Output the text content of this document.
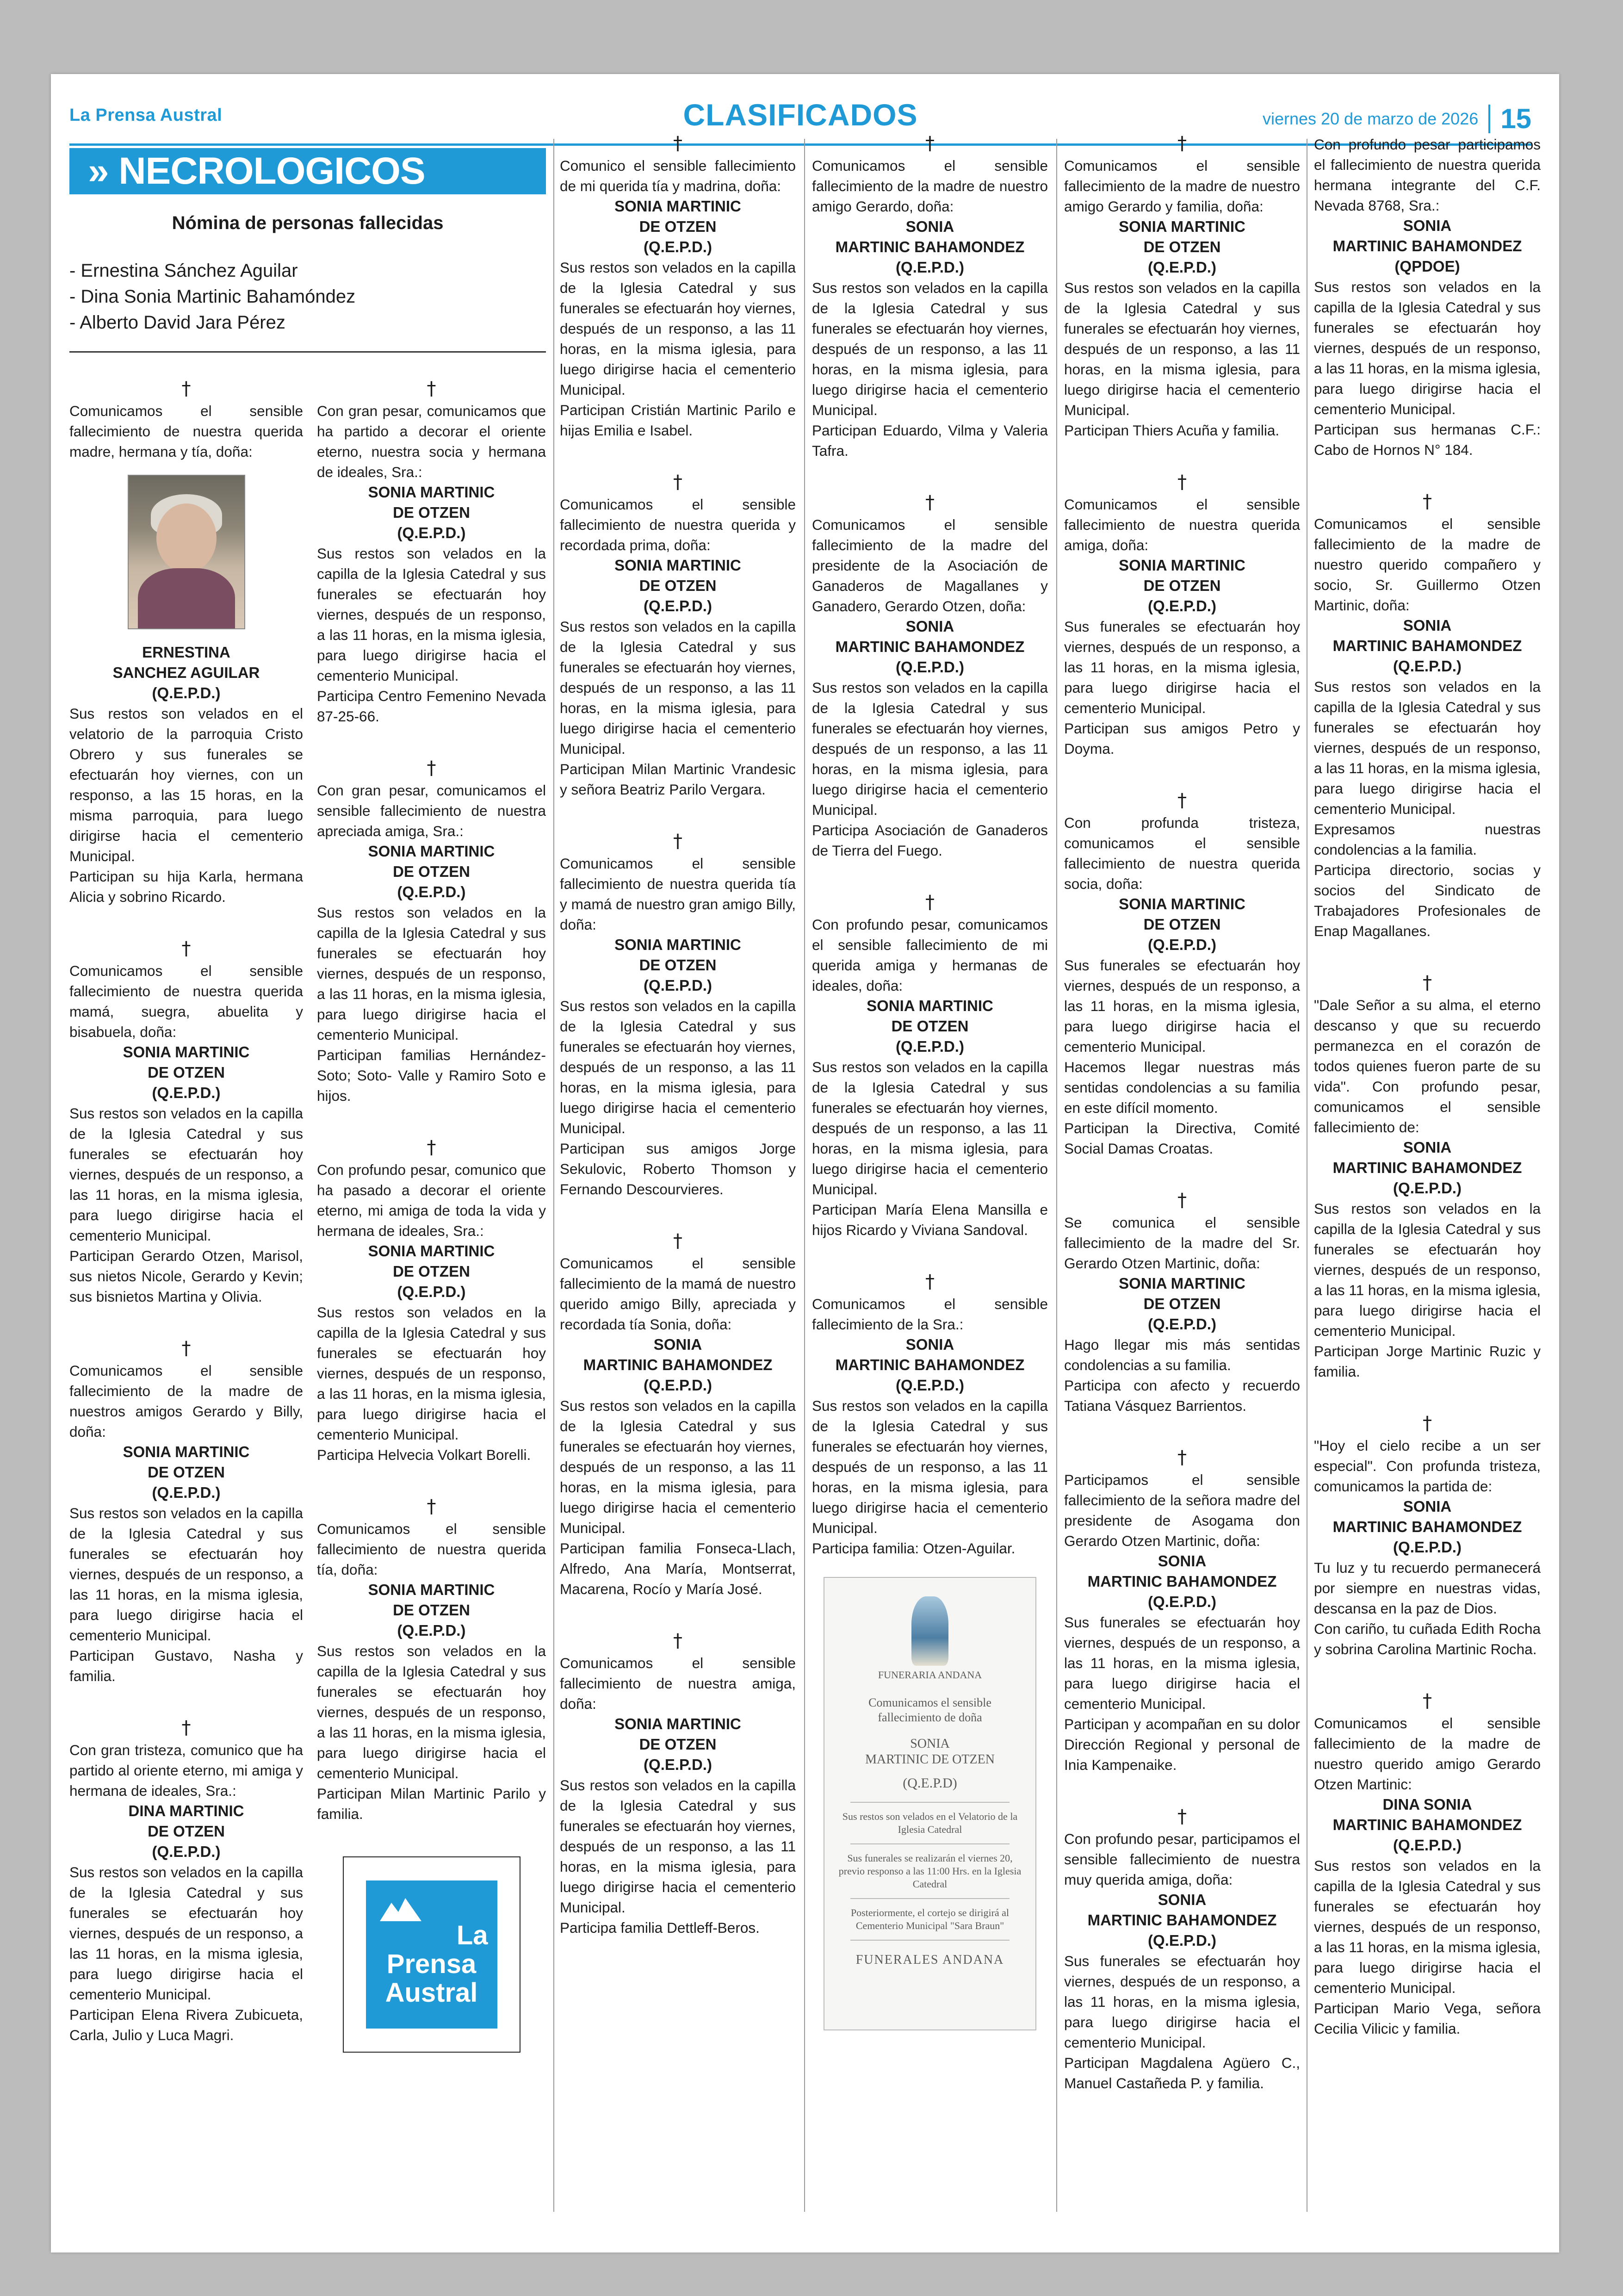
La Prensa Austral	CLASIFICADOS	viernes 20 de marzo de 2026 15
» NECROLOGICOS
Nómina de personas fallecidas
- Ernestina Sánchez Aguilar
- Dina Sonia Martinic Bahamóndez
- Alberto David Jara Pérez
†

Comunicamos el sensible fallecimiento de nuestra querida madre, hermana y tía, doña:

ERNESTINA
SANCHEZ AGUILAR
(Q.E.P.D.)

Sus restos son velados en el velatorio de la parroquia Cristo Obrero y sus funerales se efectuarán hoy viernes, con un responso, a las 15 horas, en la misma parroquia, para luego dirigirse hacia el cementerio Municipal.

Participan su hija Karla, hermana Alicia y sobrino Ricardo.

†

Comunicamos el sensible fallecimiento de nuestra querida mamá, suegra, abuelita y bisabuela, doña:

SONIA MARTINIC
DE OTZEN
(Q.E.P.D.)

Sus restos son velados en la capilla de la Iglesia Catedral y sus funerales se efectuarán hoy viernes, después de un responso, a las 11 horas, en la misma iglesia, para luego dirigirse hacia el cementerio Municipal.

Participan Gerardo Otzen, Marisol, sus nietos Nicole, Gerardo y Kevin; sus bisnietos Martina y Olivia.

†

Comunicamos el sensible fallecimiento de la madre de nuestros amigos Gerardo y Billy, doña:

SONIA MARTINIC
DE OTZEN
(Q.E.P.D.)

Sus restos son velados en la capilla de la Iglesia Catedral y sus funerales se efectuarán hoy viernes, después de un responso, a las 11 horas, en la misma iglesia, para luego dirigirse hacia el cementerio Municipal.

Participan Gustavo, Nasha y familia.

†

Con gran tristeza, comunico que ha partido al oriente eterno, mi amiga y hermana de ideales, Sra.:

DINA MARTINIC
DE OTZEN
(Q.E.P.D.)

Sus restos son velados en la capilla de la Iglesia Catedral y sus funerales se efectuarán hoy viernes, después de un responso, a las 11 horas, en la misma iglesia, para luego dirigirse hacia el cementerio Municipal.

Participan Elena Rivera Zubicueta, Carla, Julio y Luca Magri.

†

Con gran pesar, comunicamos que ha partido a decorar el oriente eterno, nuestra socia y hermana de ideales, Sra.:

SONIA MARTINIC
DE OTZEN
(Q.E.P.D.)

Sus restos son velados en la capilla de la Iglesia Catedral y sus funerales se efectuarán hoy viernes, después de un responso, a las 11 horas, en la misma iglesia, para luego dirigirse hacia el cementerio Municipal.

Participa Centro Femenino Nevada 87-25-66.

†

Con gran pesar, comunicamos el sensible fallecimiento de nuestra apreciada amiga, Sra.:

SONIA MARTINIC
DE OTZEN
(Q.E.P.D.)

Sus restos son velados en la capilla de la Iglesia Catedral y sus funerales se efectuarán hoy viernes, después de un responso, a las 11 horas, en la misma iglesia, para luego dirigirse hacia el cementerio Municipal.

Participan familias Hernández- Soto; Soto- Valle y Ramiro Soto e hijos.

†

Con profundo pesar, comunico que ha pasado a decorar el oriente eterno, mi amiga de toda la vida y hermana de ideales, Sra.:

SONIA MARTINIC
DE OTZEN
(Q.E.P.D.)

Sus restos son velados en la capilla de la Iglesia Catedral y sus funerales se efectuarán hoy viernes, después de un responso, a las 11 horas, en la misma iglesia, para luego dirigirse hacia el cementerio Municipal.

Participa Helvecia Volkart Borelli.

†

Comunicamos el sensible fallecimiento de nuestra querida tía, doña:

SONIA MARTINIC
DE OTZEN
(Q.E.P.D.)

Sus restos son velados en la capilla de la Iglesia Catedral y sus funerales se efectuarán hoy viernes, después de un responso, a las 11 horas, en la misma iglesia, para luego dirigirse hacia el cementerio Municipal.

Participan Milan Martinic Parilo y familia.

La
Prensa
Austral
†

Comunico el sensible fallecimiento de mi querida tía y madrina, doña:

SONIA MARTINIC
DE OTZEN
(Q.E.P.D.)

Sus restos son velados en la capilla de la Iglesia Catedral y sus funerales se efectuarán hoy viernes, después de un responso, a las 11 horas, en la misma iglesia, para luego dirigirse hacia el cementerio Municipal.

Participan Cristián Martinic Parilo e hijas Emilia e Isabel.

†

Comunicamos el sensible fallecimiento de nuestra querida y recordada prima, doña:

SONIA MARTINIC
DE OTZEN
(Q.E.P.D.)

Sus restos son velados en la capilla de la Iglesia Catedral y sus funerales se efectuarán hoy viernes, después de un responso, a las 11 horas, en la misma iglesia, para luego dirigirse hacia el cementerio Municipal.

Participan Milan Martinic Vrandesic y señora Beatriz Parilo Vergara.

†

Comunicamos el sensible fallecimiento de nuestra querida tía y mamá de nuestro gran amigo Billy, doña:

SONIA MARTINIC
DE OTZEN
(Q.E.P.D.)

Sus restos son velados en la capilla de la Iglesia Catedral y sus funerales se efectuarán hoy viernes, después de un responso, a las 11 horas, en la misma iglesia, para luego dirigirse hacia el cementerio Municipal.

Participan sus amigos Jorge Sekulovic, Roberto Thomson y Fernando Descourvieres.

†

Comunicamos el sensible fallecimiento de la mamá de nuestro querido amigo Billy, apreciada y recordada tía Sonia, doña:

SONIA
MARTINIC BAHAMONDEZ
(Q.E.P.D.)

Sus restos son velados en la capilla de la Iglesia Catedral y sus funerales se efectuarán hoy viernes, después de un responso, a las 11 horas, en la misma iglesia, para luego dirigirse hacia el cementerio Municipal.

Participan familia Fonseca-Llach, Alfredo, Ana María, Montserrat, Macarena, Rocío y María José.

†

Comunicamos el sensible fallecimiento de nuestra amiga, doña:

SONIA MARTINIC
DE OTZEN
(Q.E.P.D.)

Sus restos son velados en la capilla de la Iglesia Catedral y sus funerales se efectuarán hoy viernes, después de un responso, a las 11 horas, en la misma iglesia, para luego dirigirse hacia el cementerio Municipal.

Participa familia Dettleff-Beros.

†

Comunicamos el sensible fallecimiento de la madre de nuestro amigo Gerardo, doña:

SONIA
MARTINIC BAHAMONDEZ
(Q.E.P.D.)

Sus restos son velados en la capilla de la Iglesia Catedral y sus funerales se efectuarán hoy viernes, después de un responso, a las 11 horas, en la misma iglesia, para luego dirigirse hacia el cementerio Municipal.

Participan Eduardo, Vilma y Valeria Tafra.

†

Comunicamos el sensible fallecimiento de la madre del presidente de la Asociación de Ganaderos de Magallanes y Ganadero, Gerardo Otzen, doña:

SONIA
MARTINIC BAHAMONDEZ
(Q.E.P.D.)

Sus restos son velados en la capilla de la Iglesia Catedral y sus funerales se efectuarán hoy viernes, después de un responso, a las 11 horas, en la misma iglesia, para luego dirigirse hacia el cementerio Municipal.

Participa Asociación de Ganaderos de Tierra del Fuego.

†

Con profundo pesar, comunicamos el sensible fallecimiento de mi querida amiga y hermanas de ideales, doña:

SONIA MARTINIC
DE OTZEN
(Q.E.P.D.)

Sus restos son velados en la capilla de la Iglesia Catedral y sus funerales se efectuarán hoy viernes, después de un responso, a las 11 horas, en la misma iglesia, para luego dirigirse hacia el cementerio Municipal.

Participan María Elena Mansilla e hijos Ricardo y Viviana Sandoval.

†

Comunicamos el sensible fallecimiento de la Sra.:

SONIA
MARTINIC BAHAMONDEZ
(Q.E.P.D.)

Sus restos son velados en la capilla de la Iglesia Catedral y sus funerales se efectuarán hoy viernes, después de un responso, a las 11 horas, en la misma iglesia, para luego dirigirse hacia el cementerio Municipal.

Participa familia: Otzen-Aguilar.

FUNERARIA ANDANA
Comunicamos el sensible fallecimiento de doña
SONIA
MARTINIC DE OTZEN
(Q.E.P.D)
Sus restos son velados en el Velatorio de la Iglesia Catedral
Sus funerales se realizarán el viernes 20, previo responso a las 11:00 Hrs. en la Iglesia Catedral
Posteriormente, el cortejo se dirigirá al Cementerio Municipal "Sara Braun"
FUNERALES ANDANA
†

Comunicamos el sensible fallecimiento de la madre de nuestro amigo Gerardo y familia, doña:

SONIA MARTINIC
DE OTZEN
(Q.E.P.D.)

Sus restos son velados en la capilla de la Iglesia Catedral y sus funerales se efectuarán hoy viernes, después de un responso, a las 11 horas, en la misma iglesia, para luego dirigirse hacia el cementerio Municipal.

Participan Thiers Acuña y familia.

†

Comunicamos el sensible fallecimiento de nuestra querida amiga, doña:

SONIA MARTINIC
DE OTZEN
(Q.E.P.D.)

Sus funerales se efectuarán hoy viernes, después de un responso, a las 11 horas, en la misma iglesia, para luego dirigirse hacia el cementerio Municipal.

Participan sus amigos Petro y Doyma.

†

Con profunda tristeza, comunicamos el sensible fallecimiento de nuestra querida socia, doña:

SONIA MARTINIC
DE OTZEN
(Q.E.P.D.)

Sus funerales se efectuarán hoy viernes, después de un responso, a las 11 horas, en la misma iglesia, para luego dirigirse hacia el cementerio Municipal.

Hacemos llegar nuestras más sentidas condolencias a su familia en este difícil momento.

Participan la Directiva, Comité Social Damas Croatas.

†

Se comunica el sensible fallecimiento de la madre del Sr. Gerardo Otzen Martinic, doña:

SONIA MARTINIC
DE OTZEN
(Q.E.P.D.)

Hago llegar mis más sentidas condolencias a su familia.

Participa con afecto y recuerdo Tatiana Vásquez Barrientos.

†

Participamos el sensible fallecimiento de la señora madre del presidente de Asogama don Gerardo Otzen Martinic, doña:

SONIA
MARTINIC BAHAMONDEZ
(Q.E.P.D.)

Sus funerales se efectuarán hoy viernes, después de un responso, a las 11 horas, en la misma iglesia, para luego dirigirse hacia el cementerio Municipal.

Participan y acompañan en su dolor Dirección Regional y personal de Inia Kampenaike.

†

Con profundo pesar, participamos el sensible fallecimiento de nuestra muy querida amiga, doña:

SONIA
MARTINIC BAHAMONDEZ
(Q.E.P.D.)

Sus funerales se efectuarán hoy viernes, después de un responso, a las 11 horas, en la misma iglesia, para luego dirigirse hacia el cementerio Municipal.

Participan Magdalena Agüero C., Manuel Castañeda P. y familia.

Con profundo pesar participamos el fallecimiento de nuestra querida hermana integrante del C.F. Nevada 8768, Sra.:

SONIA
MARTINIC BAHAMONDEZ
(QPDOE)

Sus restos son velados en la capilla de la Iglesia Catedral y sus funerales se efectuarán hoy viernes, después de un responso, a las 11 horas, en la misma iglesia, para luego dirigirse hacia el cementerio Municipal.

Participan sus hermanas C.F.: Cabo de Hornos N° 184.

†

Comunicamos el sensible fallecimiento de la madre de nuestro querido compañero y socio, Sr. Guillermo Otzen Martinic, doña:

SONIA
MARTINIC BAHAMONDEZ
(Q.E.P.D.)

Sus restos son velados en la capilla de la Iglesia Catedral y sus funerales se efectuarán hoy viernes, después de un responso, a las 11 horas, en la misma iglesia, para luego dirigirse hacia el cementerio Municipal.

Expresamos nuestras condolencias a la familia.

Participa directorio, socias y socios del Sindicato de Trabajadores Profesionales de Enap Magallanes.

†

"Dale Señor a su alma, el eterno descanso y que su recuerdo permanezca en el corazón de todos quienes fueron parte de su vida". Con profundo pesar, comunicamos el sensible fallecimiento de:

SONIA
MARTINIC BAHAMONDEZ
(Q.E.P.D.)

Sus restos son velados en la capilla de la Iglesia Catedral y sus funerales se efectuarán hoy viernes, después de un responso, a las 11 horas, en la misma iglesia, para luego dirigirse hacia el cementerio Municipal.

Participan Jorge Martinic Ruzic y familia.

†

"Hoy el cielo recibe a un ser especial". Con profunda tristeza, comunicamos la partida de:

SONIA
MARTINIC BAHAMONDEZ
(Q.E.P.D.)

Tu luz y tu recuerdo permanecerá por siempre en nuestras vidas, descansa en la paz de Dios.

Con cariño, tu cuñada Edith Rocha y sobrina Carolina Martinic Rocha.

†

Comunicamos el sensible fallecimiento de la madre de nuestro querido amigo Gerardo Otzen Martinic:

DINA SONIA
MARTINIC BAHAMONDEZ
(Q.E.P.D.)

Sus restos son velados en la capilla de la Iglesia Catedral y sus funerales se efectuarán hoy viernes, después de un responso, a las 11 horas, en la misma iglesia, para luego dirigirse hacia el cementerio Municipal.

Participan Mario Vega, señora Cecilia Vilicic y familia.
